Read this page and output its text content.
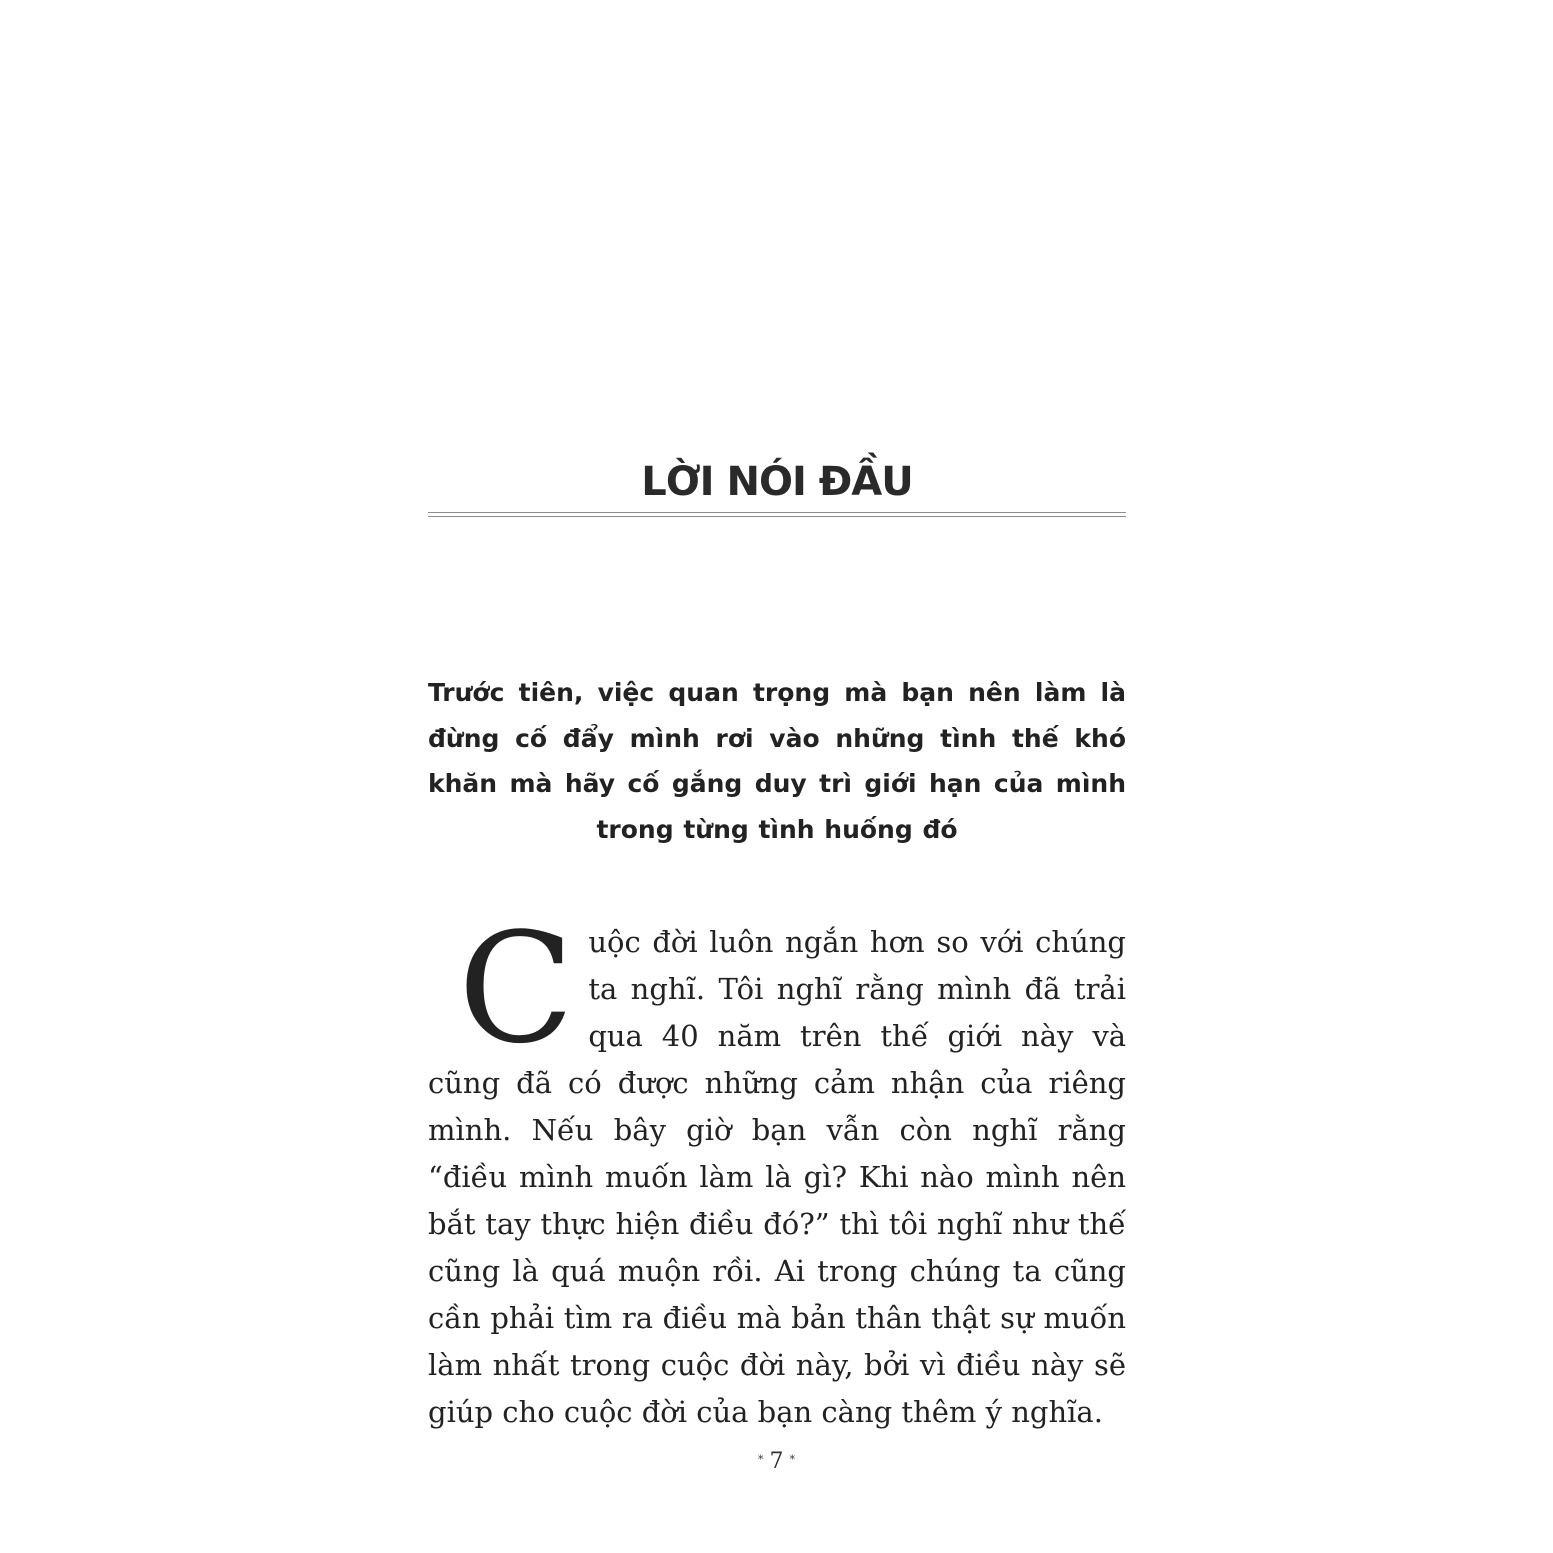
LỜI NÓI ĐẦU
Trước tiên, việc quan trọng mà bạn nên làm là đừng cố đẩy mình rơi vào những tình thế khó khăn mà hãy cố gắng duy trì giới hạn của mình trong từng tình huống đó
C uộc đời luôn ngắn hơn so với chúng ta nghĩ. Tôi nghĩ rằng mình đã trải qua 40 năm trên thế giới này và cũng đã có được những cảm nhận của riêng mình. Nếu bây giờ bạn vẫn còn nghĩ rằng “điều mình muốn làm là gì? Khi nào mình nên bắt tay thực hiện điều đó?” thì tôi nghĩ như thế cũng là quá muộn rồi. Ai trong chúng ta cũng cần phải tìm ra điều mà bản thân thật sự muốn làm nhất trong cuộc đời này, bởi vì điều này sẽ giúp cho cuộc đời của bạn càng thêm ý nghĩa.
* 7 *
